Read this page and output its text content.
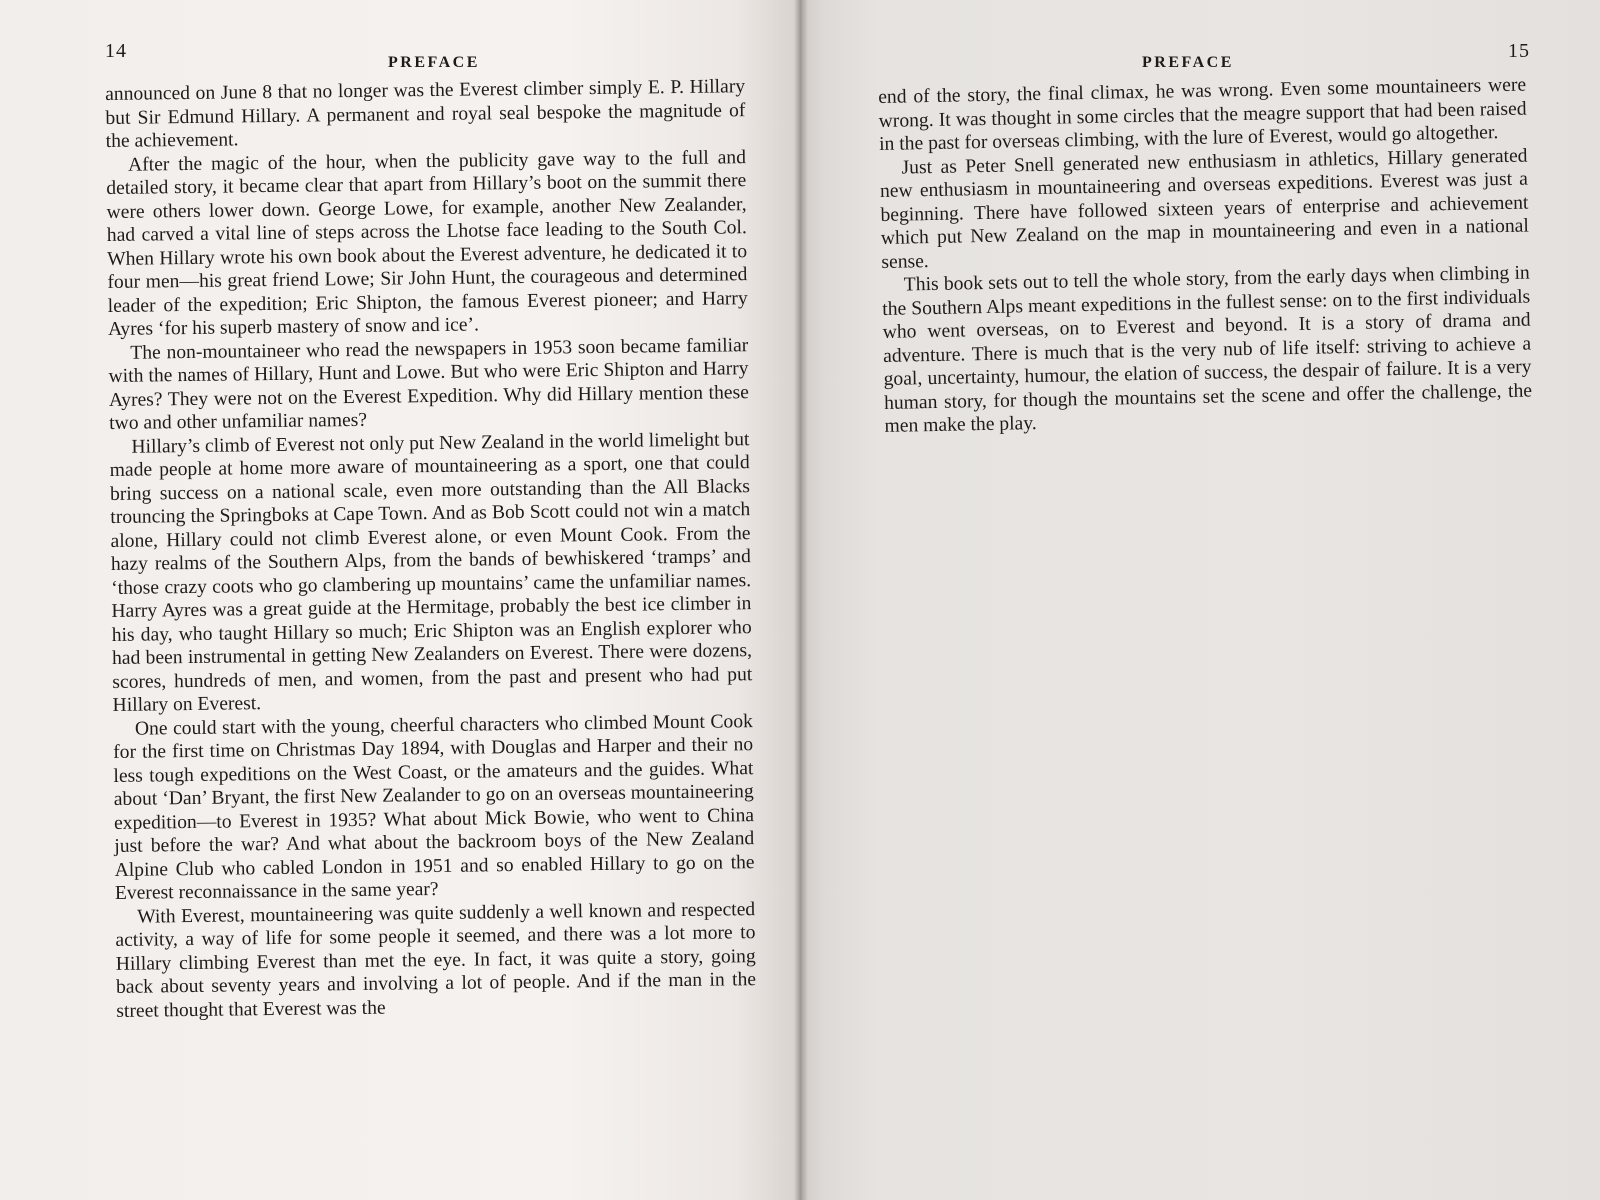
14
PREFACE

announced on June 8 that no longer was the Everest climber simply E. P. Hillary but Sir Edmund Hillary. A permanent and royal seal bespoke the magnitude of the achievement.

After the magic of the hour, when the publicity gave way to the full and detailed story, it became clear that apart from Hillary’s boot on the summit there were others lower down. George Lowe, for example, another New Zealander, had carved a vital line of steps across the Lhotse face leading to the South Col. When Hillary wrote his own book about the Everest adventure, he dedicated it to four men—his great friend Lowe; Sir John Hunt, the courageous and determined leader of the expedition; Eric Shipton, the famous Everest pioneer; and Harry Ayres ‘for his superb mastery of snow and ice’.

The non-mountaineer who read the newspapers in 1953 soon became familiar with the names of Hillary, Hunt and Lowe. But who were Eric Shipton and Harry Ayres? They were not on the Everest Expedition. Why did Hillary mention these two and other unfamiliar names?

Hillary’s climb of Everest not only put New Zealand in the world limelight but made people at home more aware of mountaineering as a sport, one that could bring success on a national scale, even more outstanding than the All Blacks trouncing the Springboks at Cape Town. And as Bob Scott could not win a match alone, Hillary could not climb Everest alone, or even Mount Cook. From the hazy realms of the Southern Alps, from the bands of bewhiskered ‘tramps’ and ‘those crazy coots who go clambering up mountains’ came the unfamiliar names. Harry Ayres was a great guide at the Hermitage, probably the best ice climber in his day, who taught Hillary so much; Eric Shipton was an English explorer who had been instrumental in getting New Zealanders on Everest. There were dozens, scores, hundreds of men, and women, from the past and present who had put Hillary on Everest.

One could start with the young, cheerful characters who climbed Mount Cook for the first time on Christmas Day 1894, with Douglas and Harper and their no less tough expeditions on the West Coast, or the amateurs and the guides. What about ‘Dan’ Bryant, the first New Zealander to go on an overseas mountaineering expedition—to Everest in 1935? What about Mick Bowie, who went to China just before the war? And what about the backroom boys of the New Zealand Alpine Club who cabled London in 1951 and so enabled Hillary to go on the Everest reconnaissance in the same year?

With Everest, mountaineering was quite suddenly a well known and respected activity, a way of life for some people it seemed, and there was a lot more to Hillary climbing Everest than met the eye. In fact, it was quite a story, going back about seventy years and involving a lot of people. And if the man in the street thought that Everest was the

15
PREFACE

end of the story, the final climax, he was wrong. Even some mountaineers were wrong. It was thought in some circles that the meagre support that had been raised in the past for overseas climbing, with the lure of Everest, would go altogether.

Just as Peter Snell generated new enthusiasm in athletics, Hillary generated new enthusiasm in mountaineering and overseas expeditions. Everest was just a beginning. There have followed sixteen years of enterprise and achievement which put New Zealand on the map in mountaineering and even in a national sense.

This book sets out to tell the whole story, from the early days when climbing in the Southern Alps meant expeditions in the fullest sense: on to the first individuals who went overseas, on to Everest and beyond. It is a story of drama and adventure. There is much that is the very nub of life itself: striving to achieve a goal, uncertainty, humour, the elation of success, the despair of failure. It is a very human story, for though the mountains set the scene and offer the challenge, the men make the play.
